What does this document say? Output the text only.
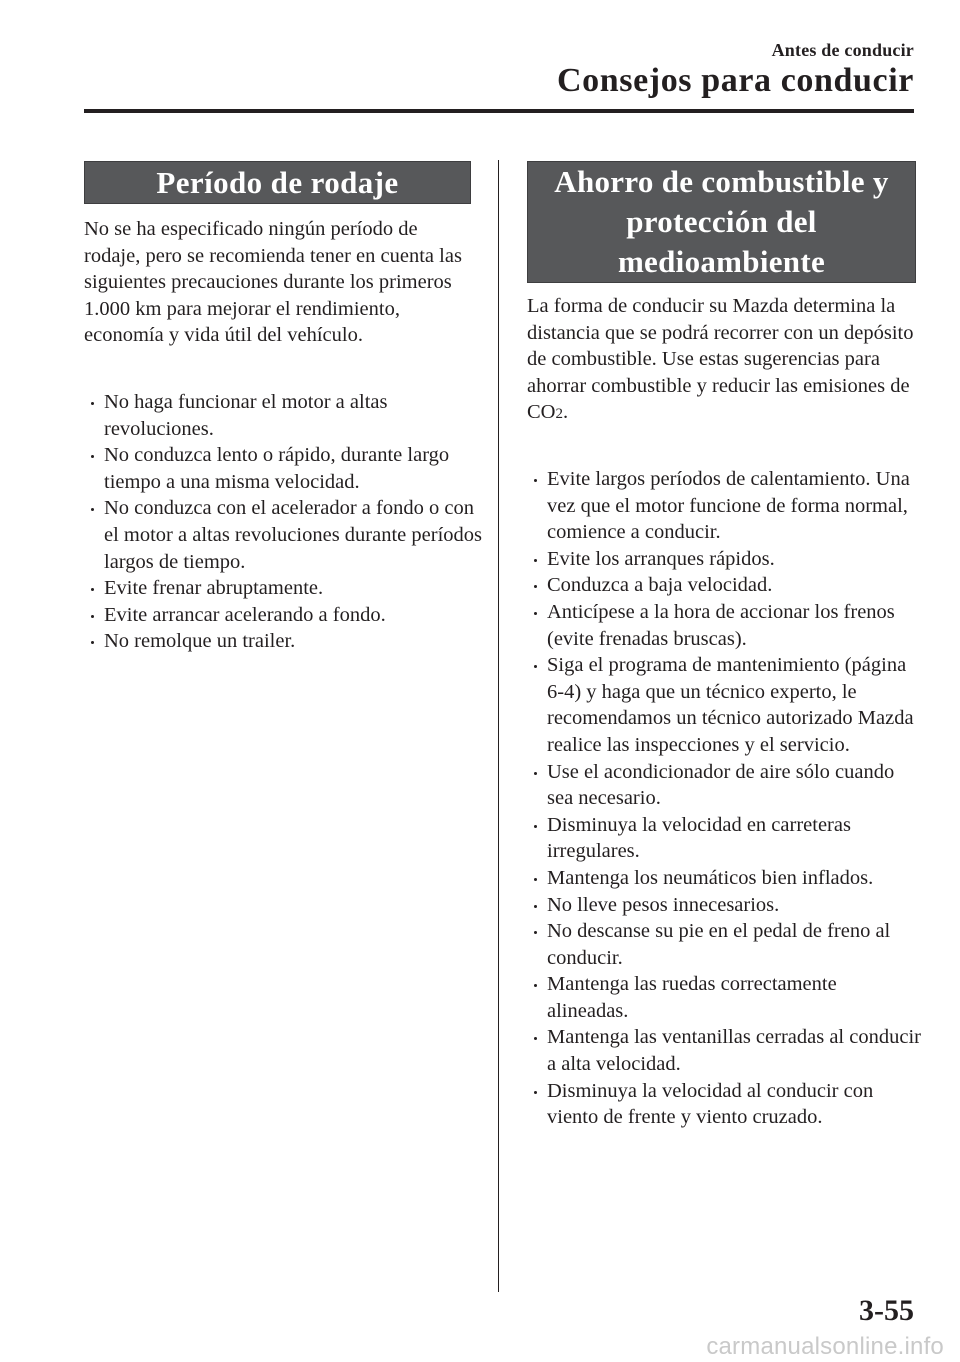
Antes de conducir
Consejos para conducir
Período de rodaje

No se ha especificado ningún período de rodaje, pero se recomienda tener en cuenta las siguientes precauciones durante los primeros 1.000 km para mejorar el rendimiento, economía y vida útil del vehículo.

No haga funcionar el motor a altas revoluciones.
No conduzca lento o rápido, durante largo tiempo a una misma velocidad.
No conduzca con el acelerador a fondo o con el motor a altas revoluciones durante períodos largos de tiempo.
Evite frenar abruptamente.
Evite arrancar acelerando a fondo.
No remolque un trailer.
Ahorro de combustible y protección del medioambiente

La forma de conducir su Mazda determina la distancia que se podrá recorrer con un depósito de combustible. Use estas sugerencias para ahorrar combustible y reducir las emisiones de CO2.

Evite largos períodos de calentamiento. Una vez que el motor funcione de forma normal, comience a conducir.
Evite los arranques rápidos.
Conduzca a baja velocidad.
Anticípese a la hora de accionar los frenos (evite frenadas bruscas).
Siga el programa de mantenimiento (página 6-4) y haga que un técnico experto, le recomendamos un técnico autorizado Mazda realice las inspecciones y el servicio.
Use el acondicionador de aire sólo cuando sea necesario.
Disminuya la velocidad en carreteras irregulares.
Mantenga los neumáticos bien inflados.
No lleve pesos innecesarios.
No descanse su pie en el pedal de freno al conducir.
Mantenga las ruedas correctamente alineadas.
Mantenga las ventanillas cerradas al conducir a alta velocidad.
Disminuya la velocidad al conducir con viento de frente y viento cruzado.
3-55
carmanualsonline.info
